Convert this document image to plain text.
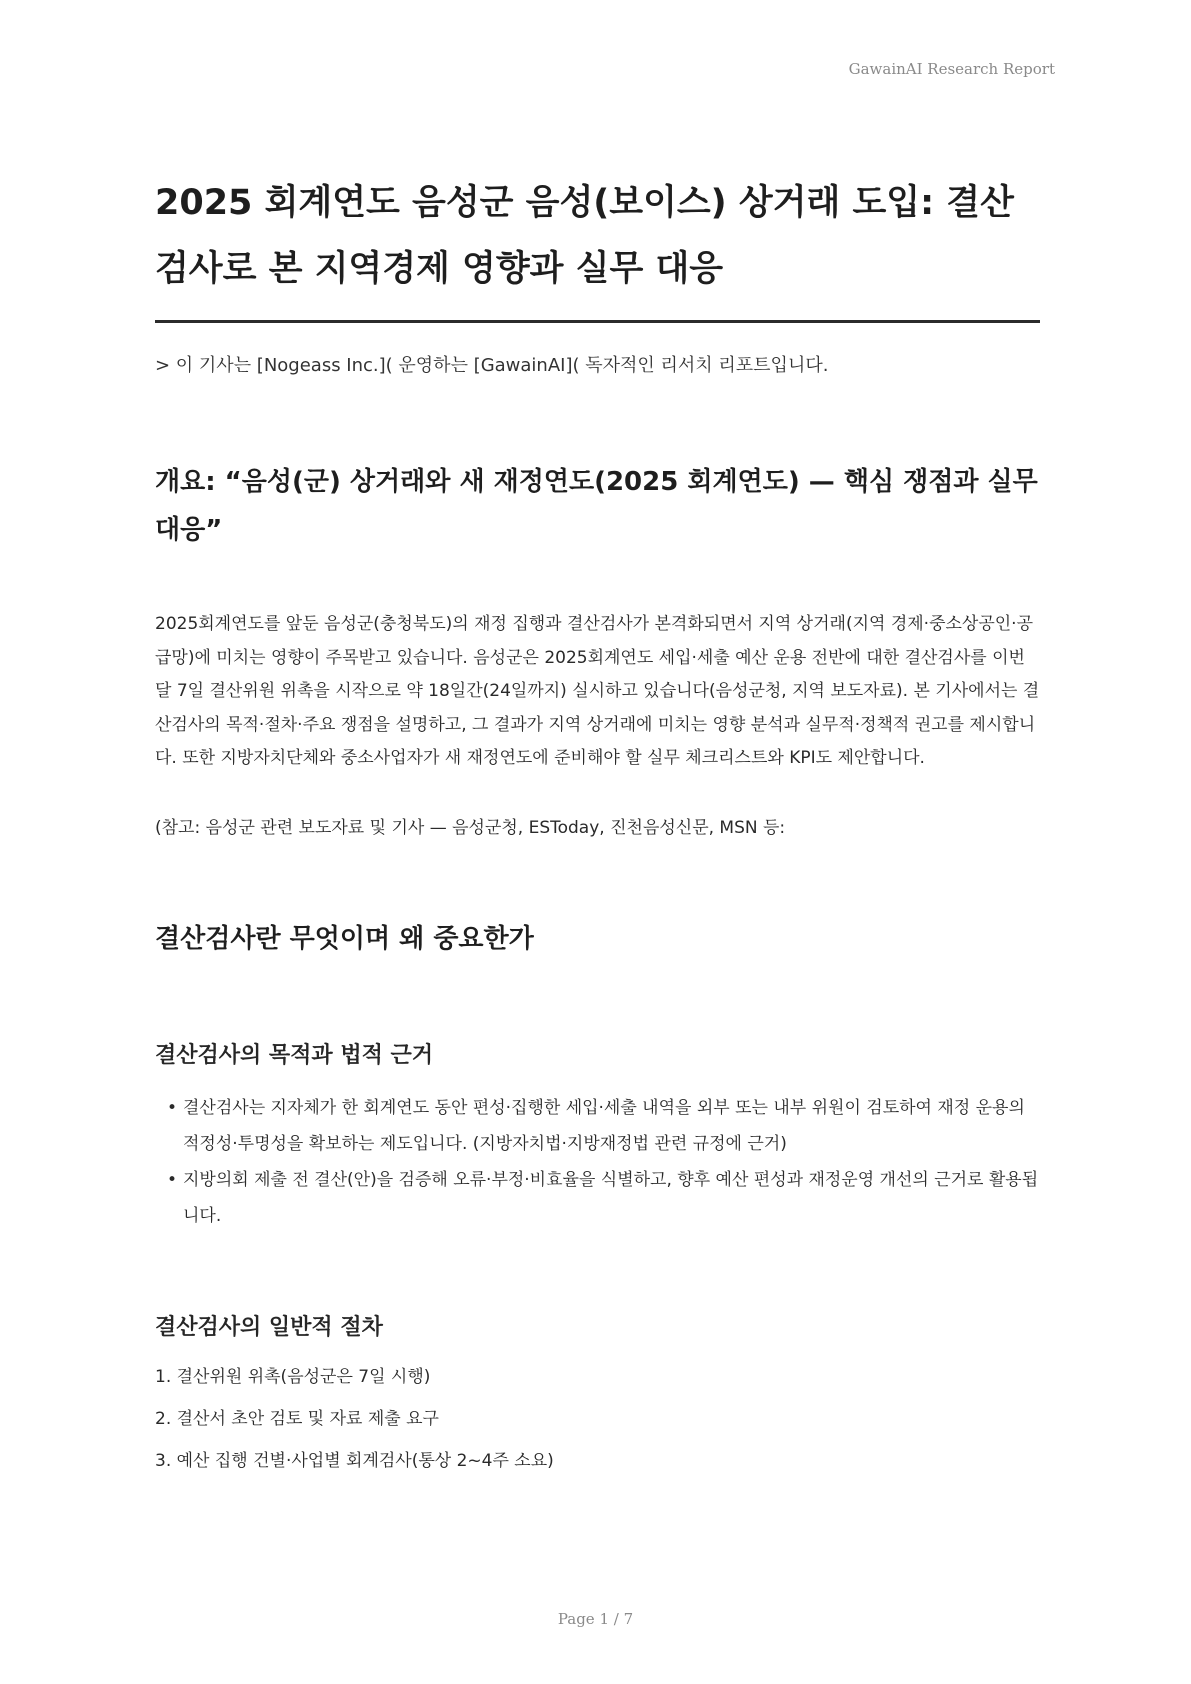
GawainAI Research Report
2025 회계연도 음성군 음성(보이스) 상거래 도입: 결산검사로 본 지역경제 영향과 실무 대응

> 이 기사는 [Nogeass Inc.]( 운영하는 [GawainAI]( 독자적인 리서치 리포트입니다.

개요: “음성(군) 상거래와 새 재정연도(2025 회계연도) — 핵심 쟁점과 실무 대응”

2025회계연도를 앞둔 음성군(충청북도)의 재정 집행과 결산검사가 본격화되면서 지역 상거래(지역 경제·중소상공인·공급망)에 미치는 영향이 주목받고 있습니다. 음성군은 2025회계연도 세입·세출 예산 운용 전반에 대한 결산검사를 이번 달 7일 결산위원 위촉을 시작으로 약 18일간(24일까지) 실시하고 있습니다(음성군청, 지역 보도자료). 본 기사에서는 결산검사의 목적·절차·주요 쟁점을 설명하고, 그 결과가 지역 상거래에 미치는 영향 분석과 실무적·정책적 권고를 제시합니다. 또한 지방자치단체와 중소사업자가 새 재정연도에 준비해야 할 실무 체크리스트와 KPI도 제안합니다.

(참고: 음성군 관련 보도자료 및 기사 — 음성군청, ESToday, 진천음성신문, MSN 등:

결산검사란 무엇이며 왜 중요한가
결산검사의 목적과 법적 근거
• 결산검사는 지자체가 한 회계연도 동안 편성·집행한 세입·세출 내역을 외부 또는 내부 위원이 검토하여 재정 운용의 적정성·투명성을 확보하는 제도입니다. (지방자치법·지방재정법 관련 규정에 근거)
• 지방의회 제출 전 결산(안)을 검증해 오류·부정·비효율을 식별하고, 향후 예산 편성과 재정운영 개선의 근거로 활용됩니다.
결산검사의 일반적 절차
1. 결산위원 위촉(음성군은 7일 시행)
2. 결산서 초안 검토 및 자료 제출 요구
3. 예산 집행 건별·사업별 회계검사(통상 2~4주 소요)
Page 1 / 7
